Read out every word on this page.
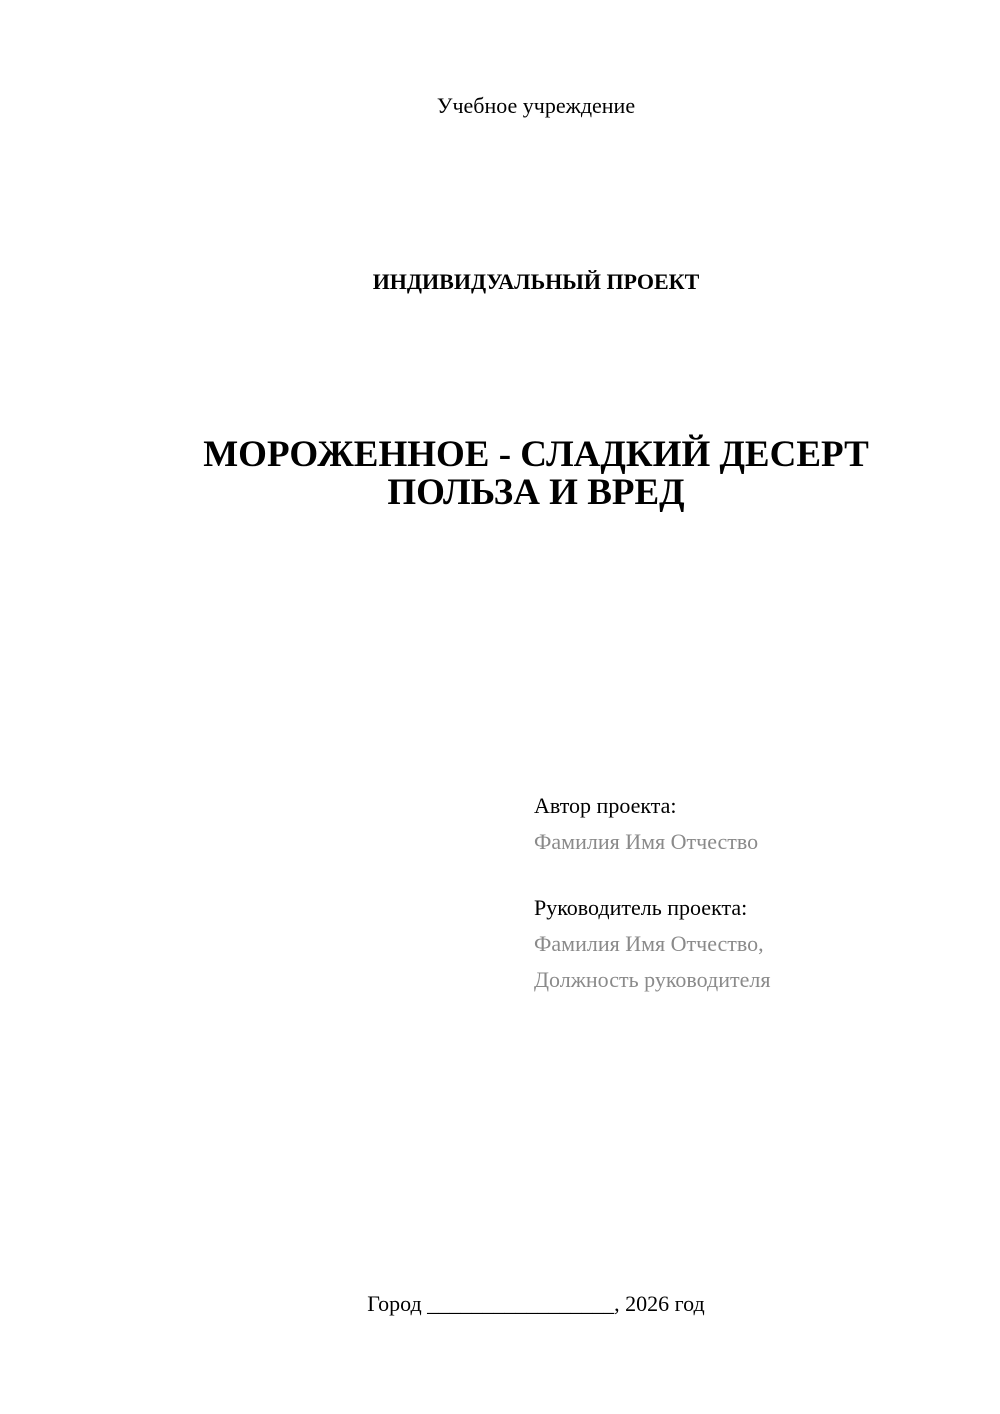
Учебное учреждение
ИНДИВИДУАЛЬНЫЙ ПРОЕКТ
МОРОЖЕННОЕ - СЛАДКИЙ ДЕСЕРТ
ПОЛЬЗА И ВРЕД
Автор проекта:
Фамилия Имя Отчество
Руководитель проекта:
Фамилия Имя Отчество,
Должность руководителя
Город _________________, 2026 год
